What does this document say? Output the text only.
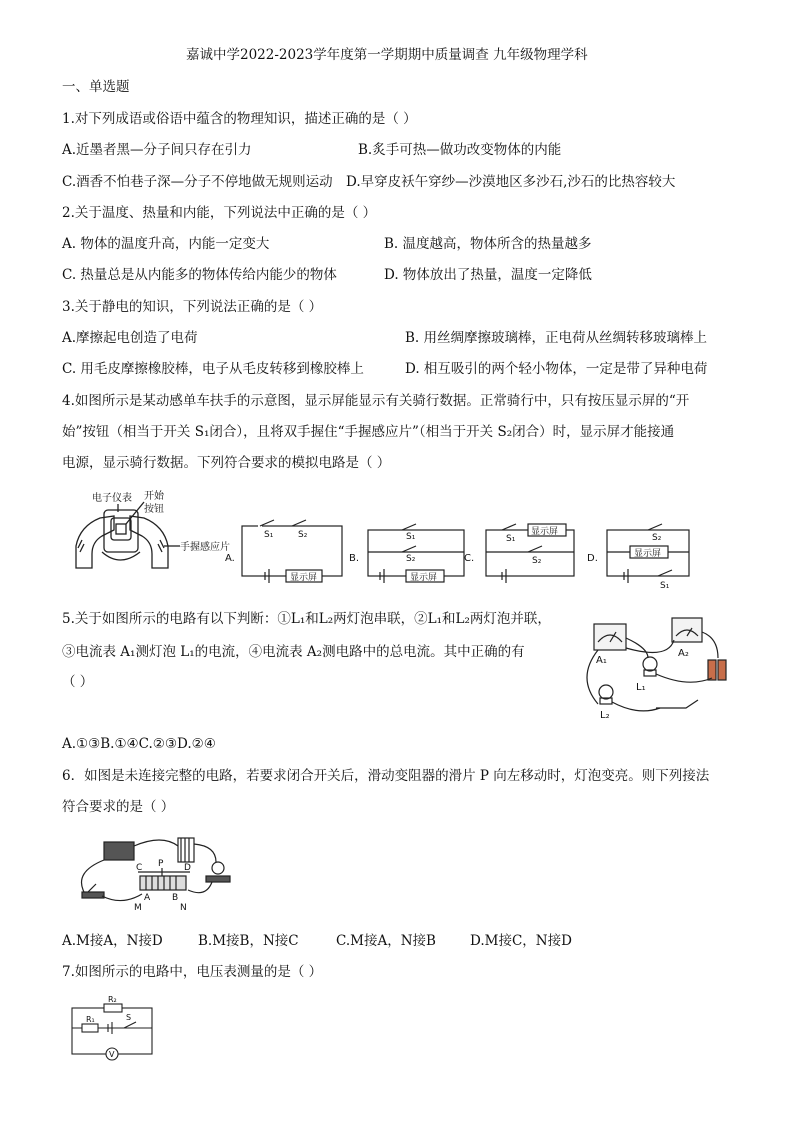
嘉诚中学2022-2023学年度第一学期期中质量调查 九年级物理学科
一、单选题
1.对下列成语或俗语中蕴含的物理知识，描述正确的是（ ）
A.近墨者黑—分子间只存在引力	B.炙手可热—做功改变物体的内能
C.酒香不怕巷子深—分子不停地做无规则运动 D.早穿皮袄午穿纱—沙漠地区多沙石,沙石的比热容较大
2.关于温度、热量和内能，下列说法中正确的是（ ）
A. 物体的温度升高，内能一定变大	B. 温度越高，物体所含的热量越多
C. 热量总是从内能多的物体传给内能少的物体	D. 物体放出了热量，温度一定降低
3.关于静电的知识，下列说法正确的是（ ）
A.摩擦起电创造了电荷	B. 用丝绸摩擦玻璃棒，正电荷从丝绸转移玻璃棒上
C. 用毛皮摩擦橡胶棒，电子从毛皮转移到橡胶棒上	D. 相互吸引的两个轻小物体，一定是带了异种电荷
4.如图所示是某动感单车扶手的示意图，显示屏能显示有关骑行数据。正常骑行中，只有按压显示屏的“开
始”按钮（相当于开关 S₁闭合），且将双手握住“手握感应片”（相当于开关 S₂闭合）时，显示屏才能接通
电源，显示骑行数据。下列符合要求的模拟电路是（ ）
电子仪表 开始
按钮
手握感应片
A.
S₁	S₂
显示屏
B.
S₁
S₂
显示屏
C.
S₁
S₂
显示屏
D.
S₂
显示屏
S₁
5.关于如图所示的电路有以下判断：①L₁和L₂两灯泡串联，②L₁和L₂两灯泡并联，
③电流表 A₁测灯泡 L₁的电流，④电流表 A₂测电路中的总电流。其中正确的有
（ ）
A₁
A₂
L₁
L₂
A.①③B.①④C.②③D.②④
6．如图是未连接完整的电路，若要求闭合开关后，滑动变阻器的滑片 P 向左移动时，灯泡变亮。则下列接法
符合要求的是（ ）
C P D
A B
M	N
A.M接A，N接D	B.M接B，N接C	C.M接A，N接B	D.M接C，N接D
7.如图所示的电路中，电压表测量的是（ ）
R₂
R₁	S
V
